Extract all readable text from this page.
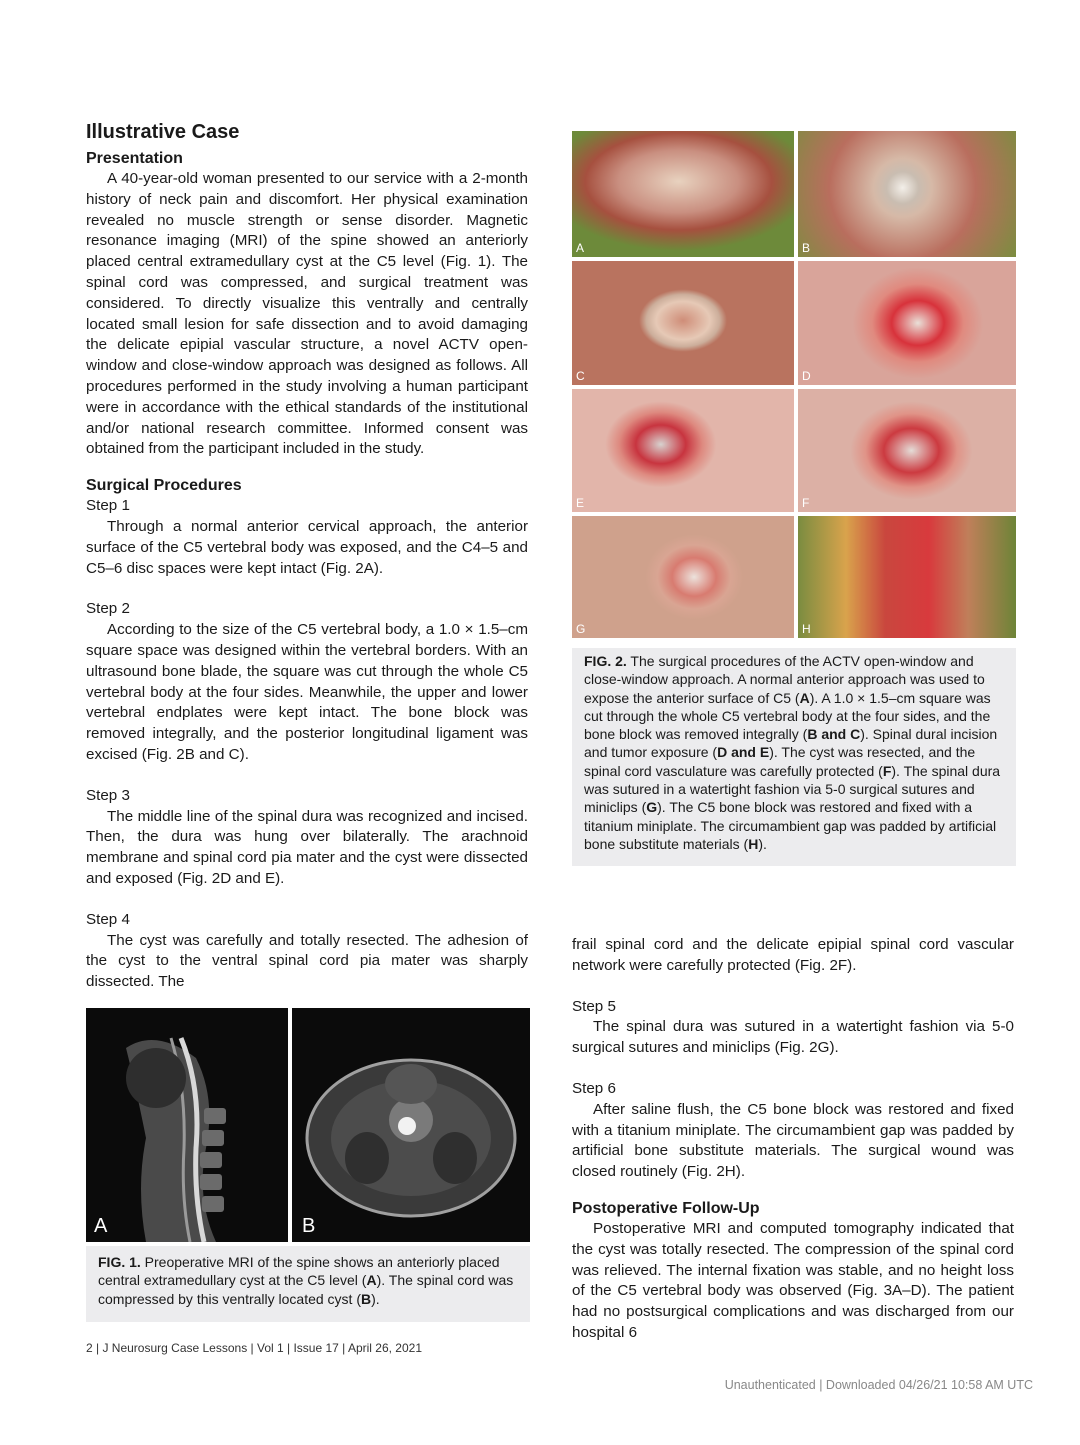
Illustrative Case
Presentation

A 40-year-old woman presented to our service with a 2-month history of neck pain and discomfort. Her physical examination revealed no muscle strength or sense disorder. Magnetic resonance imaging (MRI) of the spine showed an anteriorly placed central extramedullary cyst at the C5 level (Fig. 1). The spinal cord was compressed, and surgical treatment was considered. To directly visualize this ventrally and centrally located small lesion for safe dissection and to avoid damaging the delicate epipial vascular structure, a novel ACTV open-window and close-window approach was designed as follows. All procedures performed in the study involving a human participant were in accordance with the ethical standards of the institutional and/or national research committee. Informed consent was obtained from the participant included in the study.

Surgical Procedures
Step 1

Through a normal anterior cervical approach, the anterior surface of the C5 vertebral body was exposed, and the C4–5 and C5–6 disc spaces were kept intact (Fig. 2A).

Step 2

According to the size of the C5 vertebral body, a 1.0 × 1.5–cm square space was designed within the vertebral borders. With an ultrasound bone blade, the square was cut through the whole C5 vertebral body at the four sides. Meanwhile, the upper and lower vertebral endplates were kept intact. The bone block was removed integrally, and the posterior longitudinal ligament was excised (Fig. 2B and C).

Step 3

The middle line of the spinal dura was recognized and incised. Then, the dura was hung over bilaterally. The arachnoid membrane and spinal cord pia mater and the cyst were dissected and exposed (Fig. 2D and E).

Step 4

The cyst was carefully and totally resected. The adhesion of the cyst to the ventral spinal cord pia mater was sharply dissected. The

A	B
C	D
E	F
G	H
FIG. 2. The surgical procedures of the ACTV open-window and close-window approach. A normal anterior approach was used to expose the anterior surface of C5 (A). A 1.0 × 1.5–cm square was cut through the whole C5 vertebral body at the four sides, and the bone block was removed integrally (B and C). Spinal dural incision and tumor exposure (D and E). The cyst was resected, and the spinal cord vasculature was carefully protected (F). The spinal dura was sutured in a watertight fashion via 5-0 surgical sutures and miniclips (G). The C5 bone block was restored and fixed with a titanium miniplate. The circumambient gap was padded by artificial bone substitute materials (H).

frail spinal cord and the delicate epipial spinal cord vascular network were carefully protected (Fig. 2F).

Step 5

The spinal dura was sutured in a watertight fashion via 5-0 surgical sutures and miniclips (Fig. 2G).

Step 6

After saline flush, the C5 bone block was restored and fixed with a titanium miniplate. The circumambient gap was padded by artificial bone substitute materials. The surgical wound was closed routinely (Fig. 2H).

Postoperative Follow-Up

Postoperative MRI and computed tomography indicated that the cyst was totally resected. The compression of the spinal cord was relieved. The internal fixation was stable, and no height loss of the C5 vertebral body was observed (Fig. 3A–D). The patient had no postsurgical complications and was discharged from our hospital 6

A	B
FIG. 1. Preoperative MRI of the spine shows an anteriorly placed central extramedullary cyst at the C5 level (A). The spinal cord was compressed by this ventrally located cyst (B).
2 | J Neurosurg Case Lessons | Vol 1 | Issue 17 | April 26, 2021
Unauthenticated | Downloaded 04/26/21 10:58 AM UTC
